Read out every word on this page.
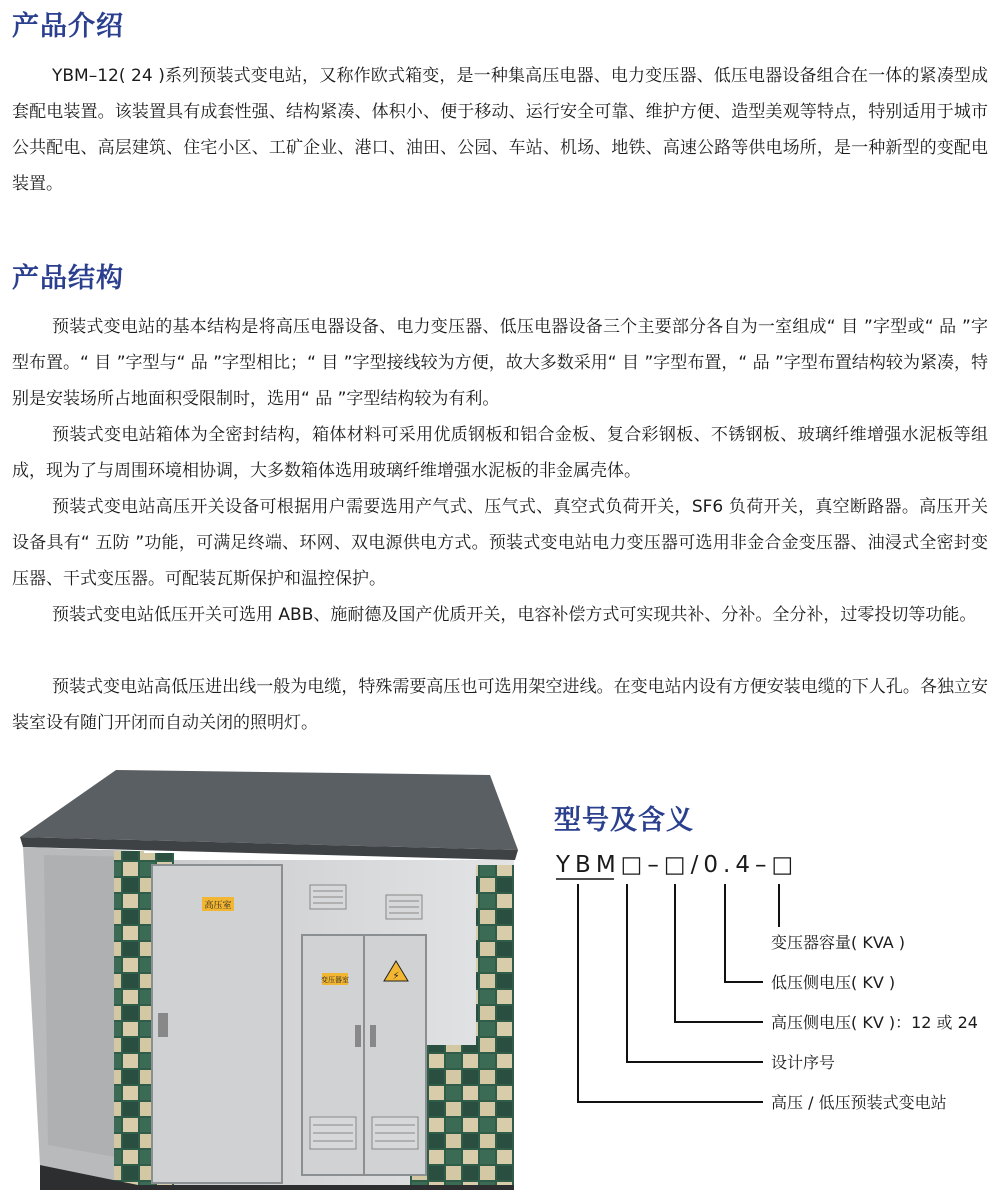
产品介绍

YBM–12( 24 )系列预装式变电站，又称作欧式箱变，是一种集高压电器、电力变压器、低压电器设备组合在一体的紧凑型成套配电装置。该装置具有成套性强、结构紧凑、体积小、便于移动、运行安全可靠、维护方便、造型美观等特点，特别适用于城市公共配电、高层建筑、住宅小区、工矿企业、港口、油田、公园、车站、机场、地铁、高速公路等供电场所，是一种新型的变配电装置。

产品结构

预装式变电站的基本结构是将高压电器设备、电力变压器、低压电器设备三个主要部分各自为一室组成“ 目 ”字型或“ 品 ”字型布置。“ 目 ”字型与“ 品 ”字型相比；“ 目 ”字型接线较为方便，故大多数采用“ 目 ”字型布置，“ 品 ”字型布置结构较为紧凑，特别是安装场所占地面积受限制时，选用“ 品 ”字型结构较为有利。

预装式变电站箱体为全密封结构，箱体材料可采用优质钢板和铝合金板、复合彩钢板、不锈钢板、玻璃纤维增强水泥板等组成，现为了与周围环境相协调，大多数箱体选用玻璃纤维增强水泥板的非金属壳体。

预装式变电站高压开关设备可根据用户需要选用产气式、压气式、真空式负荷开关，SF6 负荷开关，真空断路器。高压开关设备具有“ 五防 ”功能，可满足终端、环网、双电源供电方式。预装式变电站电力变压器可选用非金合金变压器、油浸式全密封变压器、干式变压器。可配装瓦斯保护和温控保护。

预装式变电站低压开关可选用 ABB、施耐德及国产优质开关，电容补偿方式可实现共补、分补。全分补，过零投切等功能。

预装式变电站高低压进出线一般为电缆，特殊需要高压也可选用架空进线。在变电站内设有方便安装电缆的下人孔。各独立安装室设有随门开闭而自动关闭的照明灯。

高压室
变压器室	⚡
型号及含义
YBM□–□/0.4–□
变压器容量( KVA )
低压侧电压( KV )
高压侧电压( KV )：12 或 24
设计序号
高压 / 低压预装式变电站
